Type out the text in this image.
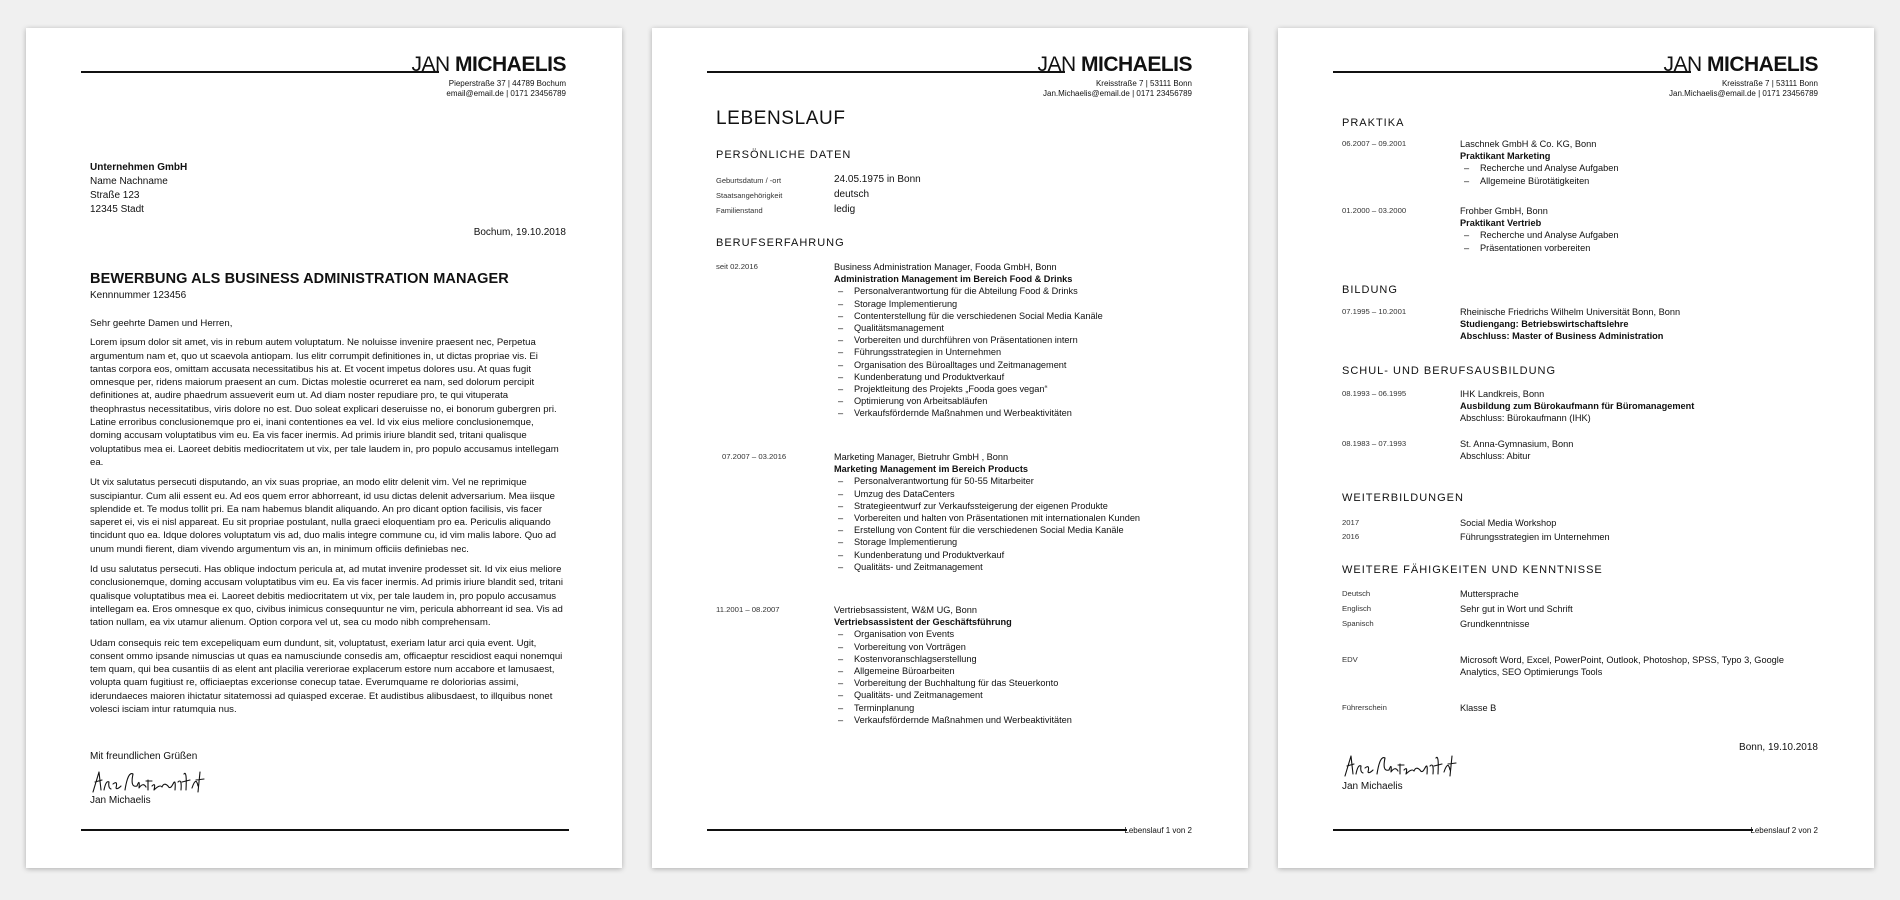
JAN MICHAELIS
Pieperstraße 37 | 44789 Bochum
email@email.de | 0171 23456789
Unternehmen GmbH
Name Nachname
Straße 123
12345 Stadt
Bochum, 19.10.2018
BEWERBUNG ALS BUSINESS ADMINISTRATION MANAGER
Kennnummer 123456

Sehr geehrte Damen und Herren,

Lorem ipsum dolor sit amet, vis in rebum autem voluptatum. Ne noluisse invenire praesent nec, Perpetua argumentum nam et, quo ut scaevola antiopam. Ius elitr corrumpit definitiones in, ut dictas propriae vis. Ei tantas corpora eos, omittam accusata necessitatibus his at. Et vocent impetus dolores usu. At quas fugit omnesque per, ridens maiorum praesent an cum. Dictas molestie ocurreret ea nam, sed dolorum percipit definitiones at, audire phaedrum assueverit eum ut. Ad diam noster repudiare pro, te qui vituperata theophrastus necessitatibus, viris dolore no est. Duo soleat explicari deseruisse no, ei bonorum gubergren pri. Latine erroribus conclusionemque pro ei, inani contentiones ea vel. Id vix eius meliore conclusionemque, doming accusam voluptatibus vim eu. Ea vis facer inermis. Ad primis iriure blandit sed, tritani qualisque voluptatibus mea ei. Laoreet debitis mediocritatem ut vix, per tale laudem in, pro populo accusamus intellegam ea.

Ut vix salutatus persecuti disputando, an vix suas propriae, an modo elitr delenit vim. Vel ne reprimique suscipiantur. Cum alii essent eu. Ad eos quem error abhorreant, id usu dictas delenit adversarium. Mea iisque splendide et. Te modus tollit pri. Ea nam habemus blandit aliquando. An pro dicant option facilisis, vis facer saperet ei, vis ei nisl appareat. Eu sit propriae postulant, nulla graeci eloquentiam pro ea. Periculis aliquando tincidunt quo ea. Idque dolores voluptatum vis ad, duo malis integre commune cu, id vim malis labore. Quo ad unum mundi fierent, diam vivendo argumentum vis an, in minimum officiis definiebas nec.

Id usu salutatus persecuti. Has oblique indoctum pericula at, ad mutat invenire prodesset sit. Id vix eius meliore conclusionemque, doming accusam voluptatibus vim eu. Ea vis facer inermis. Ad primis iriure blandit sed, tritani qualisque voluptatibus mea ei. Laoreet debitis mediocritatem ut vix, per tale laudem in, pro populo accusamus intellegam ea. Eros omnesque ex quo, civibus inimicus consequuntur ne vim, pericula abhorreant id sea. Vis ad tation nullam, ea vix utamur alienum. Option corpora vel ut, sea cu modo nibh comprehensam.

Udam consequis reic tem excepeliquam eum dundunt, sit, voluptatust, exeriam latur arci quia event. Ugit, consent ommo ipsande nimuscias ut quas ea namusciunde consedis am, officaeptur rescidiost eaqui nonemqui tem quam, qui bea cusantiis di as elent ant placilia vereriorae explacerum estore num accabore et lamusaest, volupta quam fugitiust re, officiaeptas excerionse conecup tatae. Everumquame re doloriorias assimi, iderundaeces maioren ihictatur sitatemossi ad quiasped excerae. Et audistibus alibusdaest, to illquibus nonet volesci isciam intur ratumquia nus.

Mit freundlichen Grüßen
Jan Michaelis
JAN MICHAELIS
Kreisstraße 7 | 53111 Bonn
Jan.Michaelis@email.de | 0171 23456789
LEBENSLAUF
PERSÖNLICHE DATEN
Geburtsdatum / -ort	24.05.1975 in Bonn
Staatsangehörigkeit	deutsch
Familienstand	ledig
BERUFSERFAHRUNG
seit 02.2016	Business Administration Manager, Fooda GmbH, Bonn
Administration Management im Bereich Food & Drinks
– Personalverantwortung für die Abteilung Food & Drinks
– Storage Implementierung
– Contenterstellung für die verschiedenen Social Media Kanäle
– Qualitätsmanagement
– Vorbereiten und durchführen von Präsentationen intern
– Führungsstrategien in Unternehmen
– Organisation des Büroalltages und Zeitmanagement
– Kundenberatung und Produktverkauf
– Projektleitung des Projekts „Fooda goes vegan“
– Optimierung von Arbeitsabläufen
– Verkaufsfördernde Maßnahmen und Werbeaktivitäten
07.2007 – 03.2016	Marketing Manager, Bietruhr GmbH , Bonn
Marketing Management im Bereich Products
– Personalverantwortung für 50-55 Mitarbeiter
– Umzug des DataCenters
– Strategieentwurf zur Verkaufssteigerung der eigenen Produkte
– Vorbereiten und halten von Präsentationen mit internationalen Kunden
– Erstellung von Content für die verschiedenen Social Media Kanäle
– Storage Implementierung
– Kundenberatung und Produktverkauf
– Qualitäts- und Zeitmanagement
11.2001 – 08.2007	Vertriebsassistent, W&M UG, Bonn
Vertriebsassistent der Geschäftsführung
– Organisation von Events
– Vorbereitung von Vorträgen
– Kostenvoranschlagserstellung
– Allgemeine Büroarbeiten
– Vorbereitung der Buchhaltung für das Steuerkonto
– Qualitäts- und Zeitmanagement
– Terminplanung
– Verkaufsfördernde Maßnahmen und Werbeaktivitäten
Lebenslauf 1 von 2
JAN MICHAELIS
Kreisstraße 7 | 53111 Bonn
Jan.Michaelis@email.de | 0171 23456789
PRAKTIKA
06.2007 – 09.2001	Laschnek GmbH & Co. KG, Bonn
Praktikant Marketing
– Recherche und Analyse Aufgaben
– Allgemeine Bürotätigkeiten
01.2000 – 03.2000	Frohber GmbH, Bonn
Praktikant Vertrieb
– Recherche und Analyse Aufgaben
– Präsentationen vorbereiten
BILDUNG
07.1995 – 10.2001	Rheinische Friedrichs Wilhelm Universität Bonn, Bonn
Studiengang: Betriebswirtschaftslehre
Abschluss: Master of Business Administration
SCHUL- UND BERUFSAUSBILDUNG
08.1993 – 06.1995	IHK Landkreis, Bonn
Ausbildung zum Bürokaufmann für Büromanagement
Abschluss: Bürokaufmann (IHK)
08.1983 – 07.1993	St. Anna-Gymnasium, Bonn
Abschluss: Abitur
WEITERBILDUNGEN
2017	Social Media Workshop
2016	Führungsstrategien im Unternehmen
WEITERE FÄHIGKEITEN UND KENNTNISSE
Deutsch	Muttersprache
Englisch	Sehr gut in Wort und Schrift
Spanisch	Grundkenntnisse
EDV	Microsoft Word, Excel, PowerPoint, Outlook, Photoshop, SPSS, Typo 3, Google Analytics, SEO Optimierungs Tools
Führerschein	Klasse B
Bonn, 19.10.2018
Jan Michaelis
Lebenslauf 2 von 2
